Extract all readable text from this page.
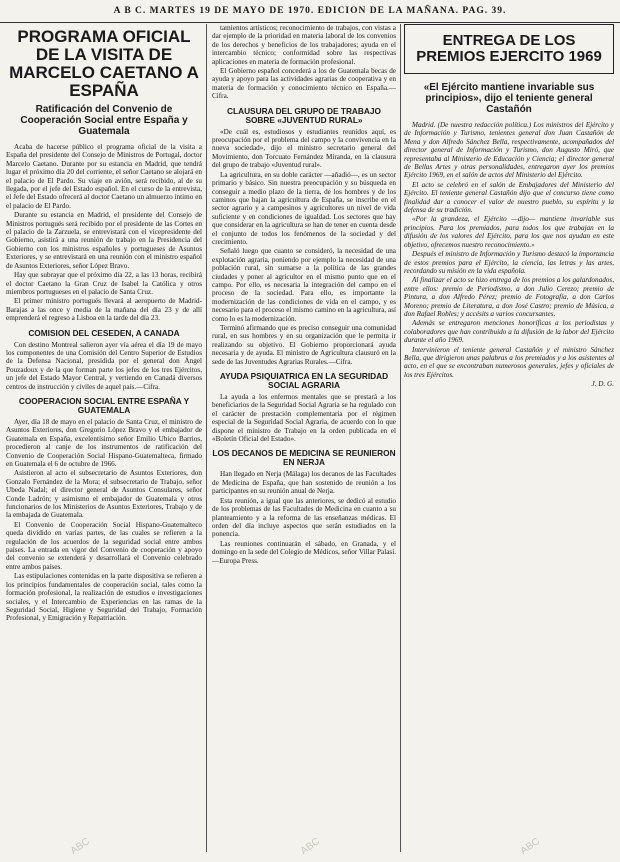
A B C. MARTES 19 DE MAYO DE 1970. EDICION DE LA MAÑANA. PAG. 39.
PROGRAMA OFICIAL DE LA VISITA DE MARCELO CAETANO A ESPAÑA
Ratificación del Convenio de Cooperación Social entre España y Guatemala

Acaba de hacerse público el programa oficial de la visita a España del presidente del Consejo de Ministros de Portugal, doctor Marcelo Caetano. Durante por su estancia en Madrid, que tendrá lugar el próximo día 20 del corriente, el señor Caetano se alojará en el palacio de El Pardo. Su viaje en avión, será recibido, al de su llegada, por el jefe del Estado español. En el curso de la entrevista, el Jefe del Estado ofrecerá al doctor Caetano un almuerzo íntimo en el palacio de El Pardo.

Durante su estancia en Madrid, el presidente del Consejo de Ministros portugués será recibido por el presidente de las Cortes en el palacio de la Zarzuela, se entrevistará con el vicepresidente del Gobierno, asistirá a una reunión de trabajo en la Presidencia del Gobierno con los ministros españoles y portugueses de Asuntos Exteriores, y se entrevistará en una reunión con el ministro español de Asuntos Exteriores, señor López Bravo.

Hay que subrayar que el próximo día 22, a las 13 horas, recibirá el doctor Caetano la Gran Cruz de Isabel la Católica y otros miembros portugueses en el palacio de Santa Cruz.

El primer ministro portugués llevará al aeropuerto de Madrid-Barajas a las once y media de la mañana del día 23 y de allí emprenderá el regreso a Lisboa en la tarde del día 23.

COMISION DEL CESEDEN, A CANADA

Con destino Montreal salieron ayer vía aérea el día 19 de mayo los componentes de una Comisión del Centro Superior de Estudios de la Defensa Nacional, presidida por el general don Ángel Pouzadoux y de la que forman parte los jefes de los tres Ejércitos, un jefe del Estado Mayor Central, y vertiendo en Canadá diversos centros de instrucción y civiles de aquel país.—Cifra.

COOPERACION SOCIAL ENTRE ESPAÑA Y GUATEMALA

Ayer, día 18 de mayo en el palacio de Santa Cruz, el ministro de Asuntos Exteriores, don Gregorio López Bravo y el embajador de Guatemala en España, excelentísimo señor Emilio Ubico Barrios, procedieron al canje de los instrumentos de ratificación del Convenio de Cooperación Social Hispano-Guatemalteca, firmado en Guatemala el 6 de octubre de 1966.

Asistieron al acto el subsecretario de Asuntos Exteriores, don Gonzalo Fernández de la Mora; el subsecretario de Trabajo, señor Ubeda Nadal; el director general de Asuntos Consulares, señor Conde Ladrón; y asimismo el embajador de Guatemala y otros funcionarios de los Ministerios de Asuntos Exteriores, Trabajo y de la embajada de Guatemala.

El Convenio de Cooperación Social Hispano-Guatemalteco queda dividido en varias partes, de las cuales se refieren a la regulación de los acuerdos de la seguridad social entre ambos países. La entrada en vigor del Convenio de cooperación y apoyo del convenio se extenderá y desarrollará el Convenio celebrado entre ambos países.

Las estipulaciones contenidas en la parte dispositiva se refieren a los principios fundamentales de cooperación social, tales como la formación profesional, la realización de estudios e investigaciones sociales, y el Intercambio de Experiencias en las ramas de la Seguridad Social, Higiene y Seguridad del Trabajo, Formación Profesional, y Emigración y Repatriación.

tamientos artísticos; reconocimiento de trabajos, con vistas a dar ejemplo de la prioridad en materia laboral de los convenios de los derechos y beneficios de los trabajadores; ayuda en el intercambio técnico; conformidad sobre las respectivas aplicaciones en materia de formación profesional.

El Gobierno español concederá a los de Guatemala becas de ayuda y apoyo para las actividades agrarias de cooperativa y en materia de formación y conocimiento técnico en España.—Cifra.

CLAUSURA DEL GRUPO DE TRABAJO SOBRE «JUVENTUD RURAL»

«De cuál es, estudiosos y estudiantes reunidos aquí, es preocupación por el problema del campo y la convivencia en la nueva sociedad», dijo el ministro secretario general del Movimiento, don Torcuato Fernández Miranda, en la clausura del grupo de trabajo «Juventud rural».

La agricultura, en su doble carácter —añadió—, es un sector primario y básico. Sin nuestra preocupación y su búsqueda en conseguir a medio plazo de la tierra, de los hombres y de los caminos que bajan la agricultura de España, se inscribe en el sector agrario y a campesinos y agricultores un nivel de vida suficiente y en condiciones de igualdad. Los sectores que hay que considerar en la agricultura se han de tener en cuenta desde el conjunto de todos los fenómenos de la sociedad y del crecimiento.

Señaló luego que cuanto se consideró, la necesidad de una explotación agraria, poniendo por ejemplo la necesidad de una población rural, sin sumarse a la política de las grandes ciudades y poner al agricultor en el mismo punto que en el campo. Por ello, es necesaria la integración del campo en el proceso de la sociedad. Para ello, es importante la modernización de las condiciones de vida en el campo, y es necesario para el proceso el mismo camino en la agricultura, así como lo es la modernización.

Terminó afirmando que es preciso conseguir una comunidad rural, en sus hombres y en su organización que le permita ir realizando su objetivo. El Gobierno proporcionará ayuda necesaria y de ayuda. El ministro de Agricultura clausuró en la sede de las Juventudes Agrarias Rurales.—Cifra.

AYUDA PSIQUIATRICA EN LA SEGURIDAD SOCIAL AGRARIA

La ayuda a los enfermos mentales que se prestará a los beneficiarios de la Seguridad Social Agraria se ha regulado con el carácter de prestación complementaria por el régimen especial de la Seguridad Social Agraria, de acuerdo con lo que dispone el ministro de Trabajo en la orden publicada en el «Boletín Oficial del Estado».

LOS DECANOS DE MEDICINA SE REUNIERON EN NERJA

Han llegado en Nerja (Málaga) los decanos de las Facultades de Medicina de España, que han sostenido de reunión a los participantes en su reunión anual de Nerja.

Esta reunión, a igual que las anteriores, se dedicó al estudio de los problemas de las Facultades de Medicina en cuanto a su planteamiento y a la reforma de las enseñanzas médicas. El orden del día incluye aspectos que serán estudiados en la ponencia.

Las reuniones continuarán el sábado, en Granada, y el domingo en la sede del Colegio de Médicos, señor Villar Palasí.—Europa Press.

ENTREGA DE LOS PREMIOS EJERCITO 1969
«El Ejército mantiene invariable sus principios», dijo el teniente general Castañón

Madrid. (De nuestra redacción política.) Los ministros del Ejército y de Información y Turismo, tenientes general don Juan Castañón de Mena y don Alfredo Sánchez Bella, respectivamente, acompañados del director general de Información y Turismo, don Augusto Miró, que representaba al Ministerio de Educación y Ciencia; el director general de Bellas Artes y otras personalidades, entregaron ayer los premios Ejército 1969, en el salón de actos del Ministerio del Ejército.

El acto se celebró en el salón de Embajadores del Ministerio del Ejército. El teniente general Castañón dijo que el concurso tiene como finalidad dar a conocer el valor de nuestro pueblo, su espíritu y la defensa de su tradición.

«Por la grandeza, el Ejército —dijo— mantiene invariable sus principios. Para los premiados, para todos los que trabajan en la difusión de los valores del Ejército, para los que nos ayudan en este objetivo, ofrecemos nuestro reconocimiento.»

Después el ministro de Información y Turismo destacó la importancia de estos premios para el Ejército, la ciencia, las letras y las artes, recordando su misión en la vida española.

Al finalizar el acto se hizo entrega de los premios a los galardonados, entre ellos: premio de Periodismo, a don Julio Cerezo; premio de Pintura, a don Alfredo Pérez; premio de Fotografía, a don Carlos Moreno; premio de Literatura, a don José Castro; premio de Música, a don Rafael Robles; y accésits a varios concursantes.

Además se entregaron menciones honoríficas a los periodistas y colaboradores que han contribuido a la difusión de la labor del Ejército durante el año 1969.

Intervinieron el teniente general Castañón y el ministro Sánchez Bella, que dirigieron unas palabras a los premiados y a los asistentes al acto, en el que se encontraban numerosos generales, jefes y oficiales de los tres Ejércitos.

J. D. G.

ABC	ABC	ABC
